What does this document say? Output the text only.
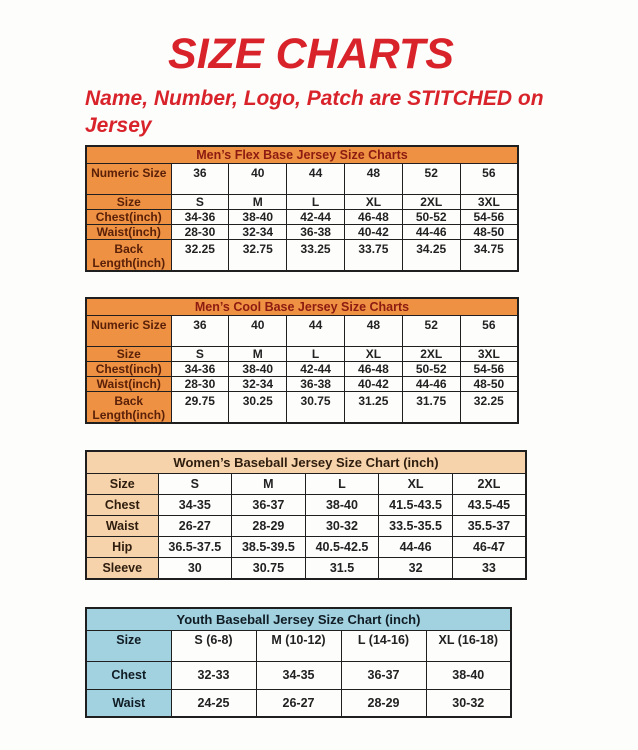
SIZE CHARTS

Name, Number, Logo, Patch are STITCHED on Jersey

Men’s Flex Base Jersey Size Charts						
Numeric Size	36	40	44	48	52	56
Size	S	M	L	XL	2XL	3XL
Chest(inch)	34-36	38-40	42-44	46-48	50-52	54-56
Waist(inch)	28-30	32-34	36-38	40-42	44-46	48-50
Back Length(inch)	32.25	32.75	33.25	33.75	34.25	34.75
Men’s Cool Base Jersey Size Charts						
Numeric Size	36	40	44	48	52	56
Size	S	M	L	XL	2XL	3XL
Chest(inch)	34-36	38-40	42-44	46-48	50-52	54-56
Waist(inch)	28-30	32-34	36-38	40-42	44-46	48-50
Back Length(inch)	29.75	30.25	30.75	31.25	31.75	32.25
Women’s Baseball Jersey Size Chart (inch)					
Size	S	M	L	XL	2XL
Chest	34-35	36-37	38-40	41.5-43.5	43.5-45
Waist	26-27	28-29	30-32	33.5-35.5	35.5-37
Hip	36.5-37.5	38.5-39.5	40.5-42.5	44-46	46-47
Sleeve	30	30.75	31.5	32	33
Youth Baseball Jersey Size Chart (inch)				
Size	S (6-8)	M (10-12)	L (14-16)	XL (16-18)
Chest	32-33	34-35	36-37	38-40
Waist	24-25	26-27	28-29	30-32
